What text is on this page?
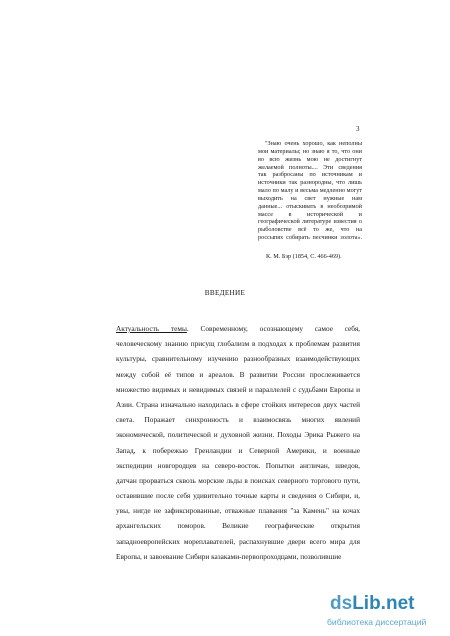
3
"Знаю очень хорошо, как неполны
мои материалы; но знаю я то, что они
во всю жизнь мою не достигнут
желаемой полноты.... Эти сведения
так разбросаны по источникам и
источники так разнородны, что лишь
мало по малу и весьма медленно могут
выходить на свет нужные нам
данные... отыскивать в необозримой
массе в исторической и
географической литературе известия о
рыболовстве всё то же, что на
россыпях собирать песчинки золота».
К. М. Бэр (1854, С. 466-469).
ВВЕДЕНИЕ
Актуальность темы. Современному, осознающему самое себя,
человеческому знанию присущ глобализм в подходах к проблемам развития
культуры, сравнительному изучению разнообразных взаимодействующих
между собой её типов и ареалов. В развитии России прослеживается
множество видимых и невидимых связей и параллелей с судьбами Европы и
Азии. Страна изначально находилась в сфере стойких интересов двух частей
света. Поражает синхронность и взаимосвязь многих явлений
экономической, политической и духовной жизни. Походы Эрика Рыжего на
Запад, к побережью Гренландии и Северной Америки, и военные
экспедиции новгородцев на северо-восток. Попытки англичан, шведов,
датчан прорваться сквозь морские льды в поисках северного торгового пути,
оставившие после себя удивительно точные карты и сведения о Сибири, и,
увы, нигде не зафиксированные, отважные плавания "за Камень" на кочах
архангельских поморов. Великие географические открытия
западноевропейских мореплавателей, распахнувшие двери всего мира для
Европы, и завоевание Сибири казаками-первопроходцами, позволившие
dsLib.net
библиотека диссертаций
